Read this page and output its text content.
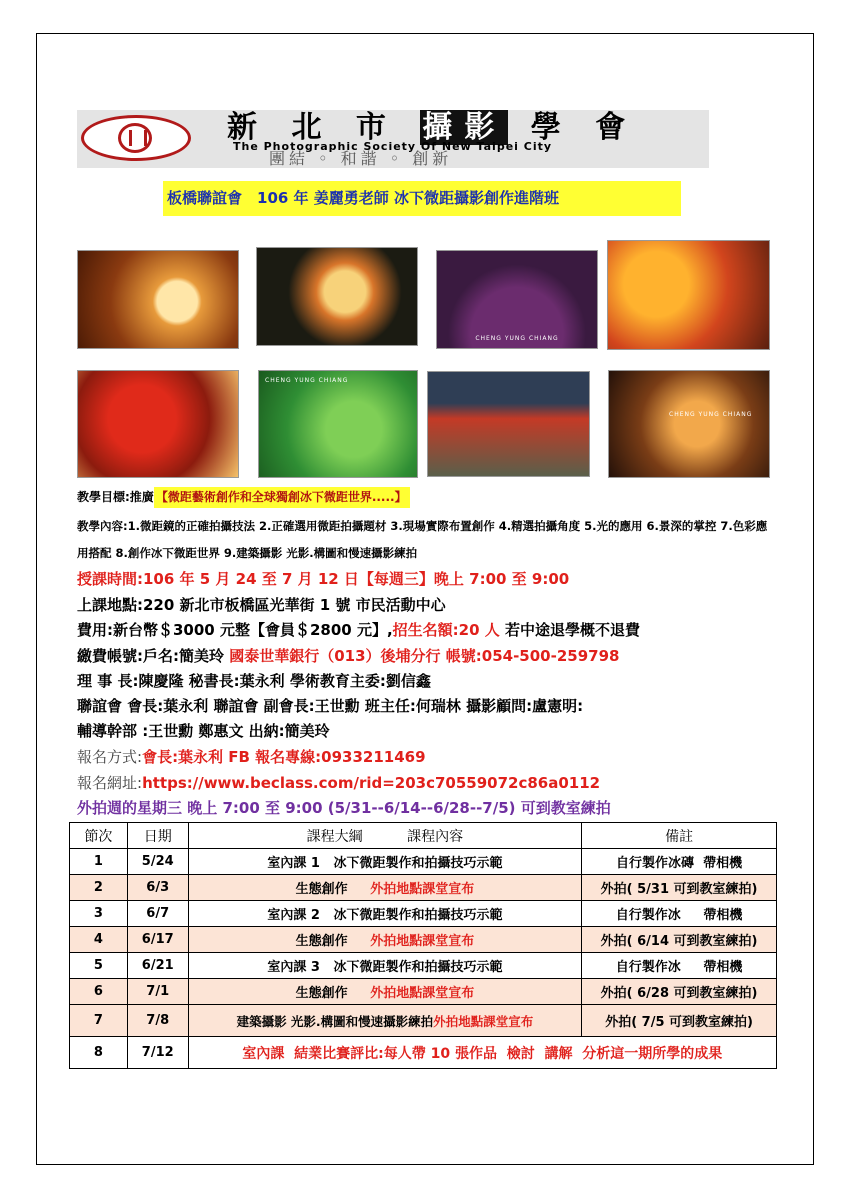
新 北 市 攝影 學 會
The Photographic Society Of New Taipei City
團結 ◦ 和諧 ◦ 創新
板橋聯誼會　106 年 姜麗勇老師 冰下微距攝影創作進階班
CHENG YUNG CHIANG
CHENG YUNG CHIANG
CHENG YUNG CHIANG
教學目標:推廣 【微距藝術創作和全球獨創冰下微距世界.....】
教學內容:1.微距鏡的正確拍攝技法 2.正確選用微距拍攝題材 3.現場實際布置創作 4.精選拍攝角度 5.光的應用 6.景深的掌控 7.色彩應用搭配 8.創作冰下微距世界 9.建築攝影 光影.構圖和慢速攝影練拍
授課時間:106 年 5 月 24 至 7 月 12 日【每週三】晚上 7:00 至 9:00
上課地點:220 新北市板橋區光華街 1 號 市民活動中心
費用:新台幣＄3000 元整【會員＄2800 元】,招生名額:20 人 若中途退學概不退費
繳費帳號:戶名:簡美玲 國泰世華銀行（013）後埔分行 帳號:054-500-259798
理 事 長:陳慶隆 秘書長:葉永利 學術教育主委:劉信鑫
聯誼會 會長:葉永利 聯誼會 副會長:王世勳 班主任:何瑞林 攝影顧問:盧憲明:
輔導幹部 :王世勳 鄭惠文 出納:簡美玲
報名方式:會長:葉永利 FB 報名專線:0933211469
報名網址:https://www.beclass.com/rid=203c70559072c86a0112
外拍週的星期三 晚上 7:00 至 9:00 (5/31--6/14--6/28--7/5) 可到教室練拍
節次	日期	課程大綱          課程內容	備註
1	5/24	室內課 1   冰下微距製作和拍攝技巧示範	自行製作冰磚  帶相機
2	6/3	生態創作     外拍地點課堂宣布	外拍( 5/31 可到教室練拍)
3	6/7	室內課 2   冰下微距製作和拍攝技巧示範	自行製作冰     帶相機
4	6/17	生態創作     外拍地點課堂宣布	外拍( 6/14 可到教室練拍)
5	6/21	室內課 3   冰下微距製作和拍攝技巧示範	自行製作冰     帶相機
6	7/1	生態創作     外拍地點課堂宣布	外拍( 6/28 可到教室練拍)
7	7/8	建築攝影 光影.構圖和慢速攝影練拍外拍地點課堂宣布	外拍( 7/5 可到教室練拍)
8	7/12	室內課  結業比賽評比:每人帶 10 張作品  檢討  講解  分析這一期所學的成果	
